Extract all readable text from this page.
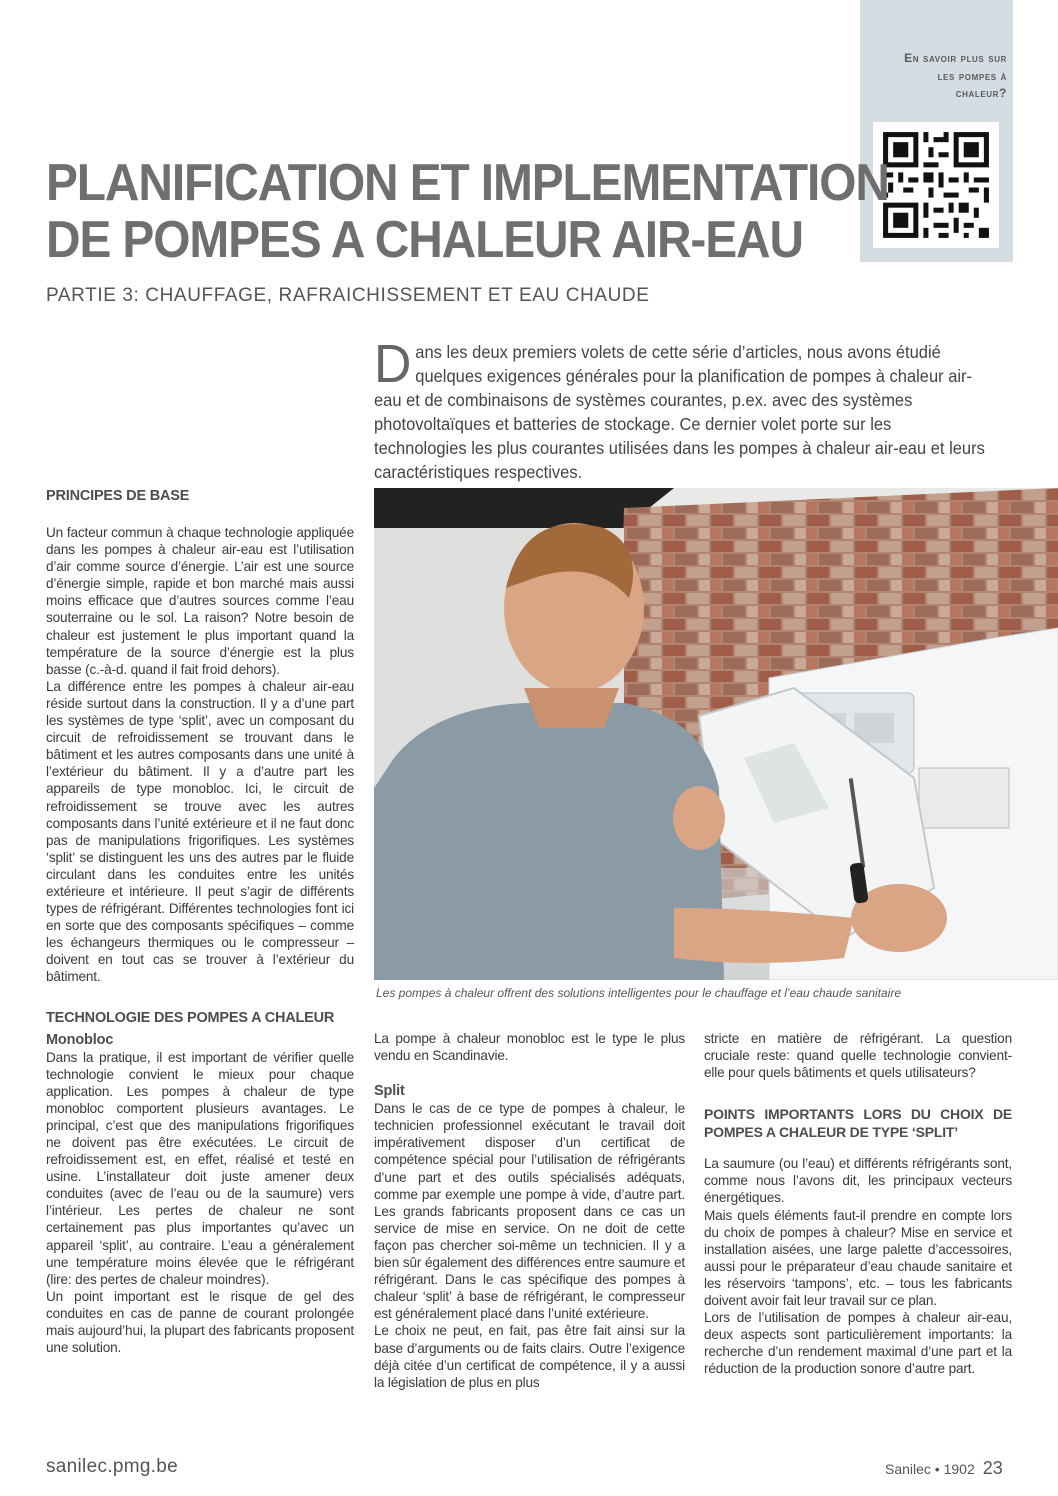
En savoir plus sur
les pompes à
chaleur?
PLANIFICATION ET IMPLEMENTATION
DE POMPES A CHALEUR AIR-EAU
PARTIE 3: CHAUFFAGE, RAFRAICHISSEMENT ET EAU CHAUDE
Dans les deux premiers volets de cette série d’articles, nous avons étudié quelques exigences générales pour la planification de pompes à chaleur air-eau et de combinaisons de systèmes courantes, p.ex. avec des systèmes photovoltaïques et batteries de stockage. Ce dernier volet porte sur les technologies les plus courantes utilisées dans les pompes à chaleur air-eau et leurs caractéristiques respectives.
PRINCIPES DE BASE

Un facteur commun à chaque technologie appliquée dans les pompes à chaleur air-eau est l’utilisation d’air comme source d’énergie. L’air est une source d’énergie simple, rapide et bon marché mais aussi moins efficace que d’autres sources comme l’eau souterraine ou le sol. La raison? Notre besoin de chaleur est justement le plus important quand la température de la source d’énergie est la plus basse (c.-à-d. quand il fait froid dehors).

La différence entre les pompes à chaleur air-eau réside surtout dans la construction. Il y a d’une part les systèmes de type ‘split’, avec un composant du circuit de refroidissement se trouvant dans le bâtiment et les autres composants dans une unité à l’extérieur du bâtiment. Il y a d’autre part les appareils de type monobloc. Ici, le circuit de refroidissement se trouve avec les autres composants dans l’unité extérieure et il ne faut donc pas de manipulations frigorifiques. Les systèmes ‘split’ se distinguent les uns des autres par le fluide circulant dans les conduites entre les unités extérieure et intérieure. Il peut s’agir de différents types de réfrigérant. Différentes technologies font ici en sorte que des composants spécifiques – comme les échangeurs thermiques ou le compresseur – doivent en tout cas se trouver à l’extérieur du bâtiment.

TECHNOLOGIE DES POMPES A CHALEUR
Monobloc

Dans la pratique, il est important de vérifier quelle technologie convient le mieux pour chaque application. Les pompes à chaleur de type monobloc comportent plusieurs avantages. Le principal, c’est que des manipulations frigorifiques ne doivent pas être exécutées. Le circuit de refroidissement est, en effet, réalisé et testé en usine. L’installateur doit juste amener deux conduites (avec de l’eau ou de la saumure) vers l’intérieur. Les pertes de chaleur ne sont certainement pas plus importantes qu’avec un appareil ‘split’, au contraire. L’eau a généralement une température moins élevée que le réfrigérant (lire: des pertes de chaleur moindres).

Un point important est le risque de gel des conduites en cas de panne de courant prolongée mais aujourd’hui, la plupart des fabricants proposent une solution.

Les pompes à chaleur offrent des solutions intelligentes pour le chauffage et l’eau chaude sanitaire

La pompe à chaleur monobloc est le type le plus vendu en Scandinavie.

Split

Dans le cas de ce type de pompes à chaleur, le technicien professionnel exécutant le travail doit impérativement disposer d’un certificat de compétence spécial pour l’utilisation de réfrigérants d’une part et des outils spécialisés adéquats, comme par exemple une pompe à vide, d’autre part. Les grands fabricants proposent dans ce cas un service de mise en service. On ne doit de cette façon pas chercher soi-même un technicien. Il y a bien sûr également des différences entre saumure et réfrigérant. Dans le cas spécifique des pompes à chaleur ‘split’ à base de réfrigérant, le compresseur est généralement placé dans l’unité extérieure.

Le choix ne peut, en fait, pas être fait ainsi sur la base d’arguments ou de faits clairs. Outre l’exigence déjà citée d’un certificat de compétence, il y a aussi la législation de plus en plus

stricte en matière de réfrigérant. La question cruciale reste: quand quelle technologie convient-elle pour quels bâtiments et quels utilisateurs?

POINTS IMPORTANTS LORS DU CHOIX DE POMPES A CHALEUR DE TYPE ‘SPLIT’

La saumure (ou l’eau) et différents réfrigérants sont, comme nous l’avons dit, les principaux vecteurs énergétiques.

Mais quels éléments faut-il prendre en compte lors du choix de pompes à chaleur? Mise en service et installation aisées, une large palette d’accessoires, aussi pour le préparateur d’eau chaude sanitaire et les réservoirs ‘tampons’, etc. – tous les fabricants doivent avoir fait leur travail sur ce plan.

Lors de l’utilisation de pompes à chaleur air-eau, deux aspects sont particulièrement importants: la recherche d’un rendement maximal d’une part et la réduction de la production sonore d’autre part.

sanilec.pmg.be	Sanilec • 1902 23
